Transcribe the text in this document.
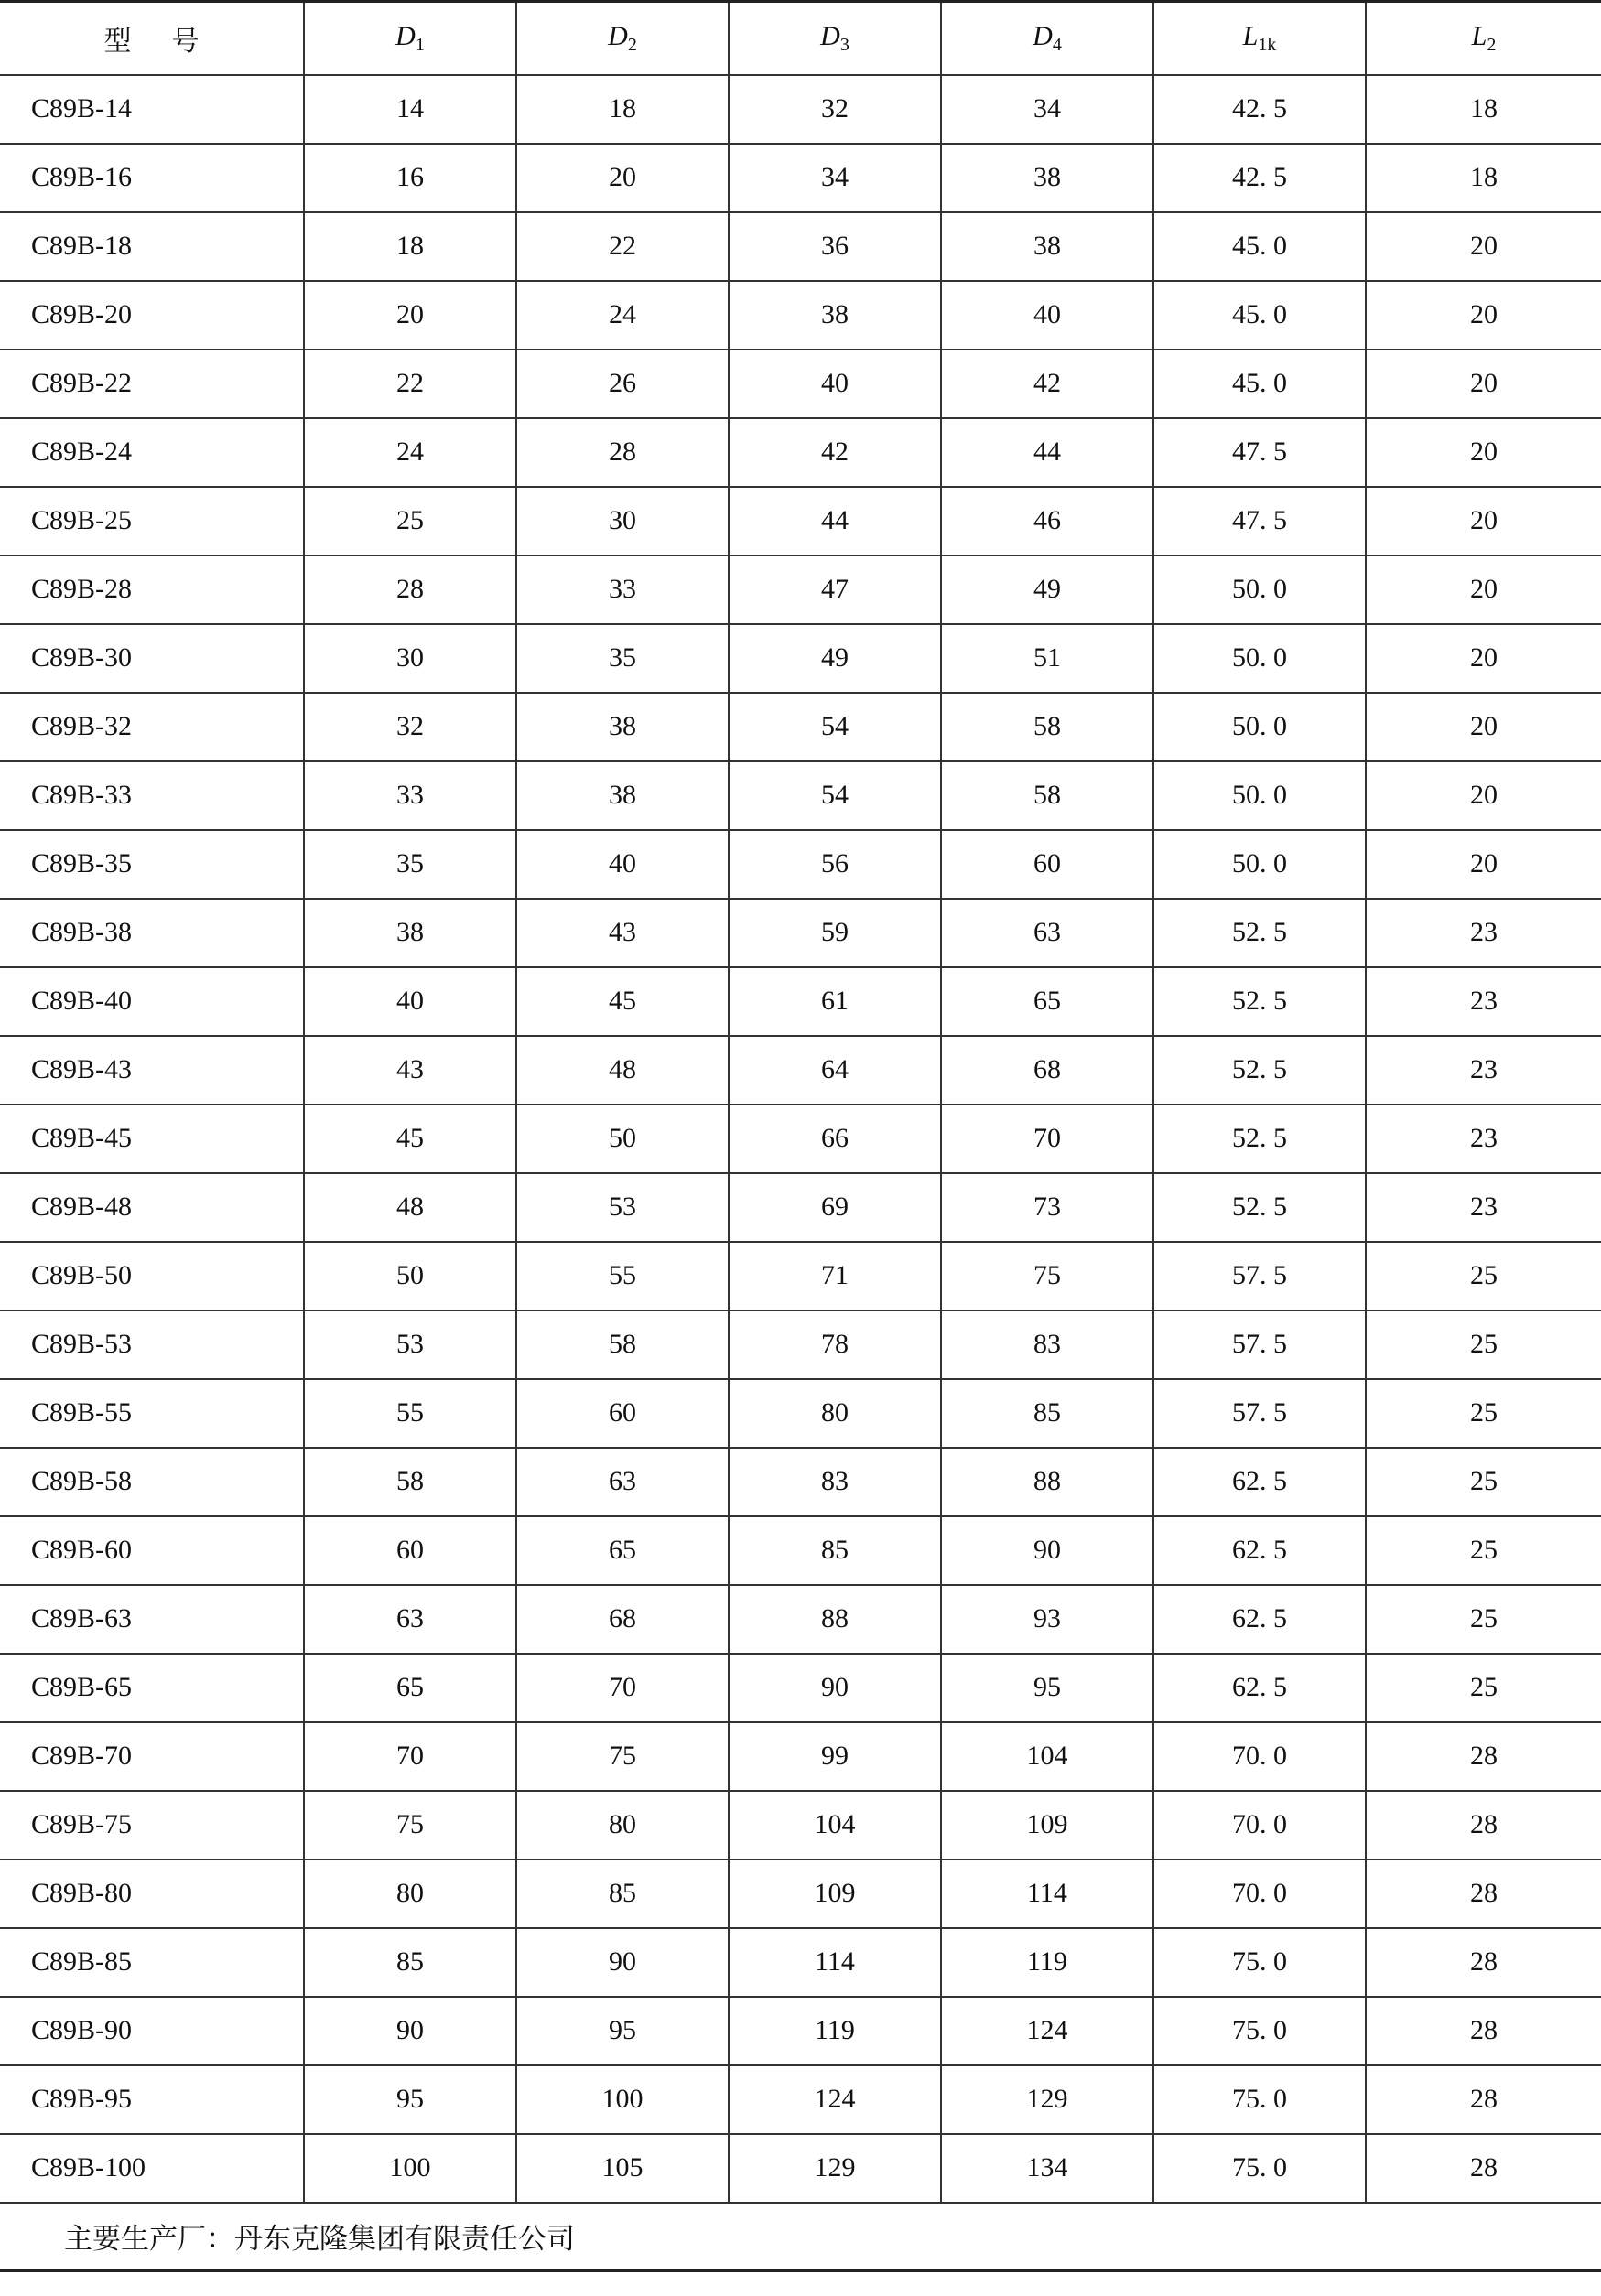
型号	$D_1$	$D_2$	$D_3$	$D_4$	$L_{1k}$	$L_2$
C89B-14	14	18	32	34	42. 5	18
C89B-16	16	20	34	38	42. 5	18
C89B-18	18	22	36	38	45. 0	20
C89B-20	20	24	38	40	45. 0	20
C89B-22	22	26	40	42	45. 0	20
C89B-24	24	28	42	44	47. 5	20
C89B-25	25	30	44	46	47. 5	20
C89B-28	28	33	47	49	50. 0	20
C89B-30	30	35	49	51	50. 0	20
C89B-32	32	38	54	58	50. 0	20
C89B-33	33	38	54	58	50. 0	20
C89B-35	35	40	56	60	50. 0	20
C89B-38	38	43	59	63	52. 5	23
C89B-40	40	45	61	65	52. 5	23
C89B-43	43	48	64	68	52. 5	23
C89B-45	45	50	66	70	52. 5	23
C89B-48	48	53	69	73	52. 5	23
C89B-50	50	55	71	75	57. 5	25
C89B-53	53	58	78	83	57. 5	25
C89B-55	55	60	80	85	57. 5	25
C89B-58	58	63	83	88	62. 5	25
C89B-60	60	65	85	90	62. 5	25
C89B-63	63	68	88	93	62. 5	25
C89B-65	65	70	90	95	62. 5	25
C89B-70	70	75	99	104	70. 0	28
C89B-75	75	80	104	109	70. 0	28
C89B-80	80	85	109	114	70. 0	28
C89B-85	85	90	114	119	75. 0	28
C89B-90	90	95	119	124	75. 0	28
C89B-95	95	100	124	129	75. 0	28
C89B-100	100	105	129	134	75. 0	28
主要生产厂：丹东克隆集团有限责任公司						
